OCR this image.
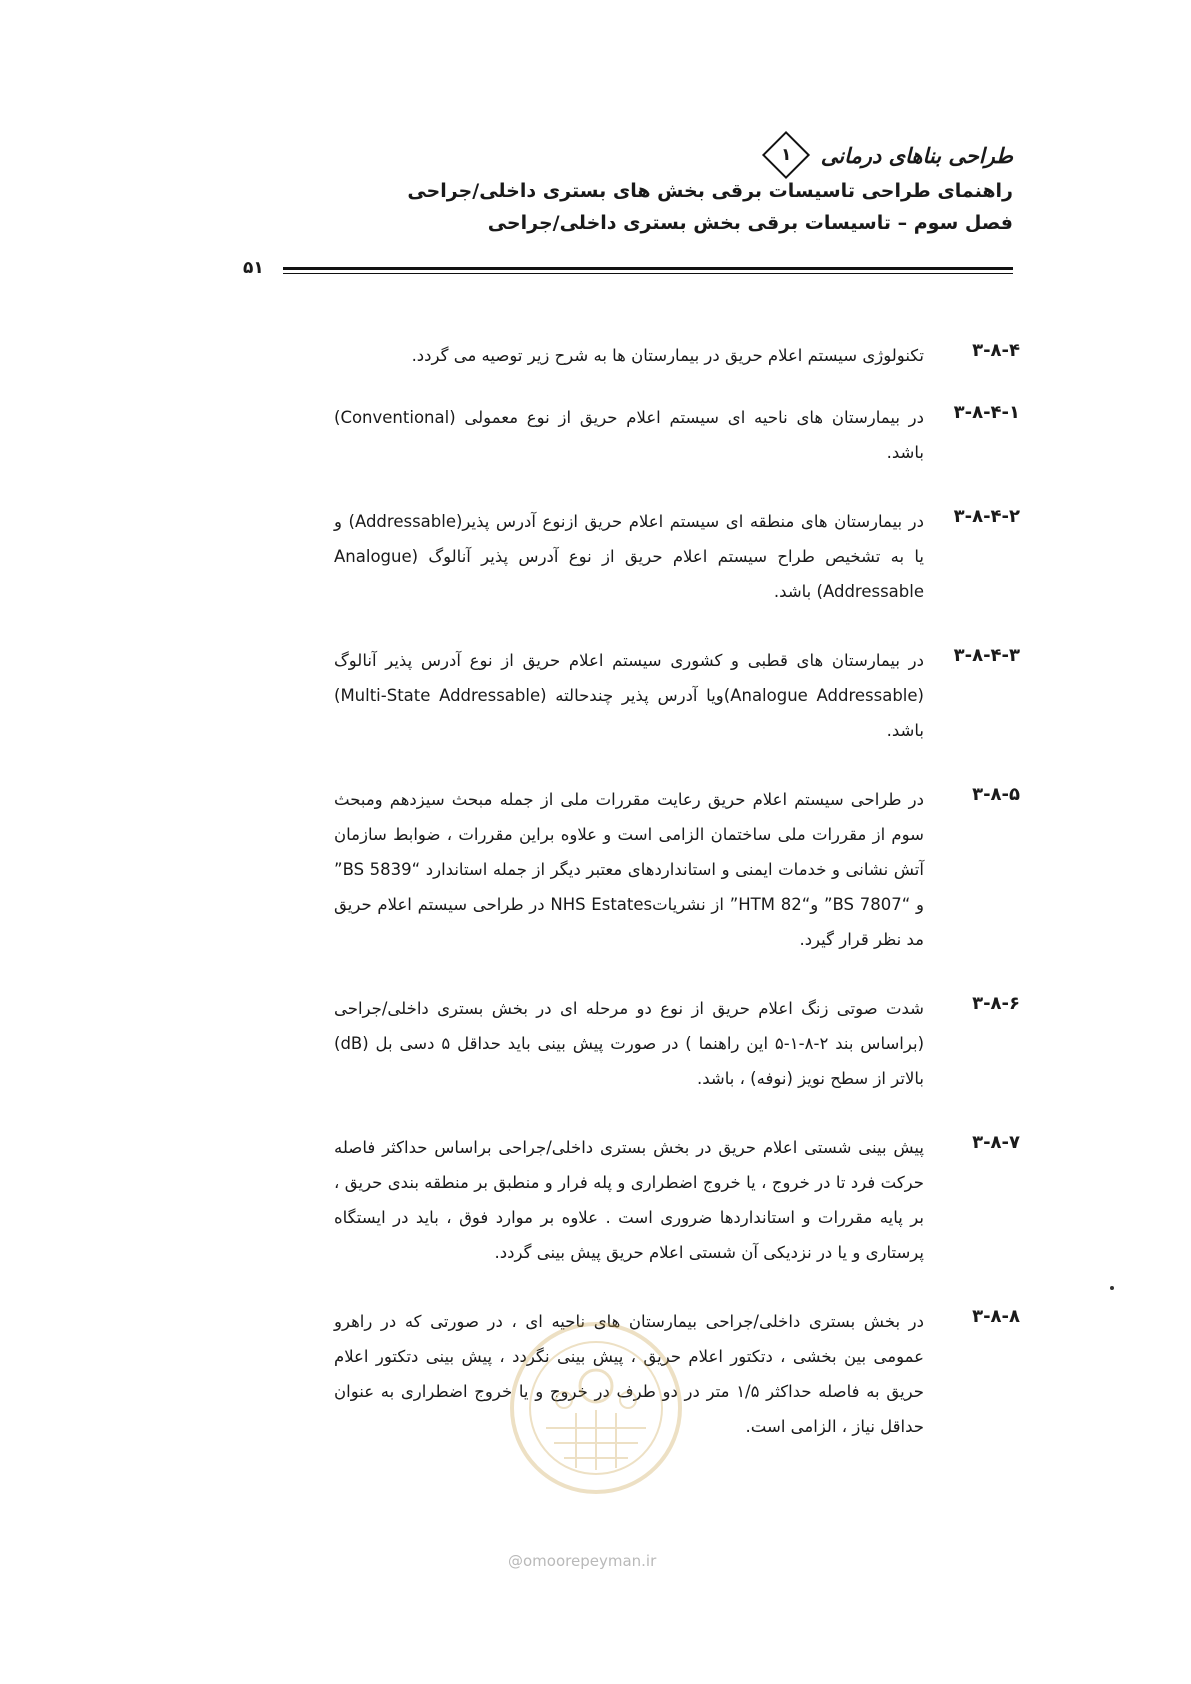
طراحی بناهای درمانی
۱
راهنمای طراحی تاسیسات برقی بخش های بستری داخلی/جراحی
فصل سوم – تاسیسات برقی بخش بستری داخلی/جراحی
۵۱
۳-۸-۴
تکنولوژی سیستم اعلام حریق در بیمارستان ها به شرح زیر توصیه می گردد.
۳-۸-۴-۱
در بیمارستان های ناحیه ای سیستم اعلام حریق از نوع معمولی (Conventional) باشد.
۳-۸-۴-۲
در بیمارستان های منطقه ای سیستم اعلام حریق ازنوع آدرس پذیر(Addressable) و یا به تشخیص طراح سیستم اعلام حریق از نوع آدرس پذیر آنالوگ (Analogue Addressable) باشد.
۳-۸-۴-۳
در بیمارستان های قطبی و کشوری سیستم اعلام حریق از نوع آدرس پذیر آنالوگ (Analogue Addressable)ویا آدرس پذیر چندحالته (Multi-State Addressable) باشد.
۳-۸-۵
در طراحی سیستم اعلام حریق رعایت مقررات ملی از جمله مبحث سیزدهم ومبحث سوم از مقررات ملی ساختمان الزامی است و علاوه براین مقررات ، ضوابط سازمان آتش نشانی و خدمات ایمنی و استانداردهای معتبر دیگر از جمله استاندارد “BS 5839” و “BS 7807” و“HTM 82” از نشریاتNHS Estates در طراحی سیستم اعلام حریق مد نظر قرار گیرد.
۳-۸-۶
شدت صوتی زنگ اعلام حریق از نوع دو مرحله ای در بخش بستری داخلی/جراحی (براساس بند ۲-۸-۱-۵ این راهنما ) در صورت پیش بینی باید حداقل ۵ دسی بل (dB) بالاتر از سطح نویز (نوفه) ، باشد.
۳-۸-۷
پیش بینی شستی اعلام حریق در بخش بستری داخلی/جراحی براساس حداکثر فاصله حرکت فرد تا در خروج ، یا خروج اضطراری و پله فرار و منطبق بر منطقه بندی حریق ، بر پایه مقررات و استانداردها ضروری است . علاوه بر موارد فوق ، باید در ایستگاه پرستاری و یا در نزدیکی آن شستی اعلام حریق پیش بینی گردد.
۳-۸-۸
در بخش بستری داخلی/جراحی بیمارستان های ناحیه ای ، در صورتی که در راهرو عمومی بین بخشی ، دتکتور اعلام حریق ، پیش بینی نگردد ، پیش بینی دتکتور اعلام حریق به فاصله حداکثر ۱/۵ متر در دو طرف در خروج و یا خروج اضطراری به عنوان حداقل نیاز ، الزامی است.
@omoorepeyman.ir
